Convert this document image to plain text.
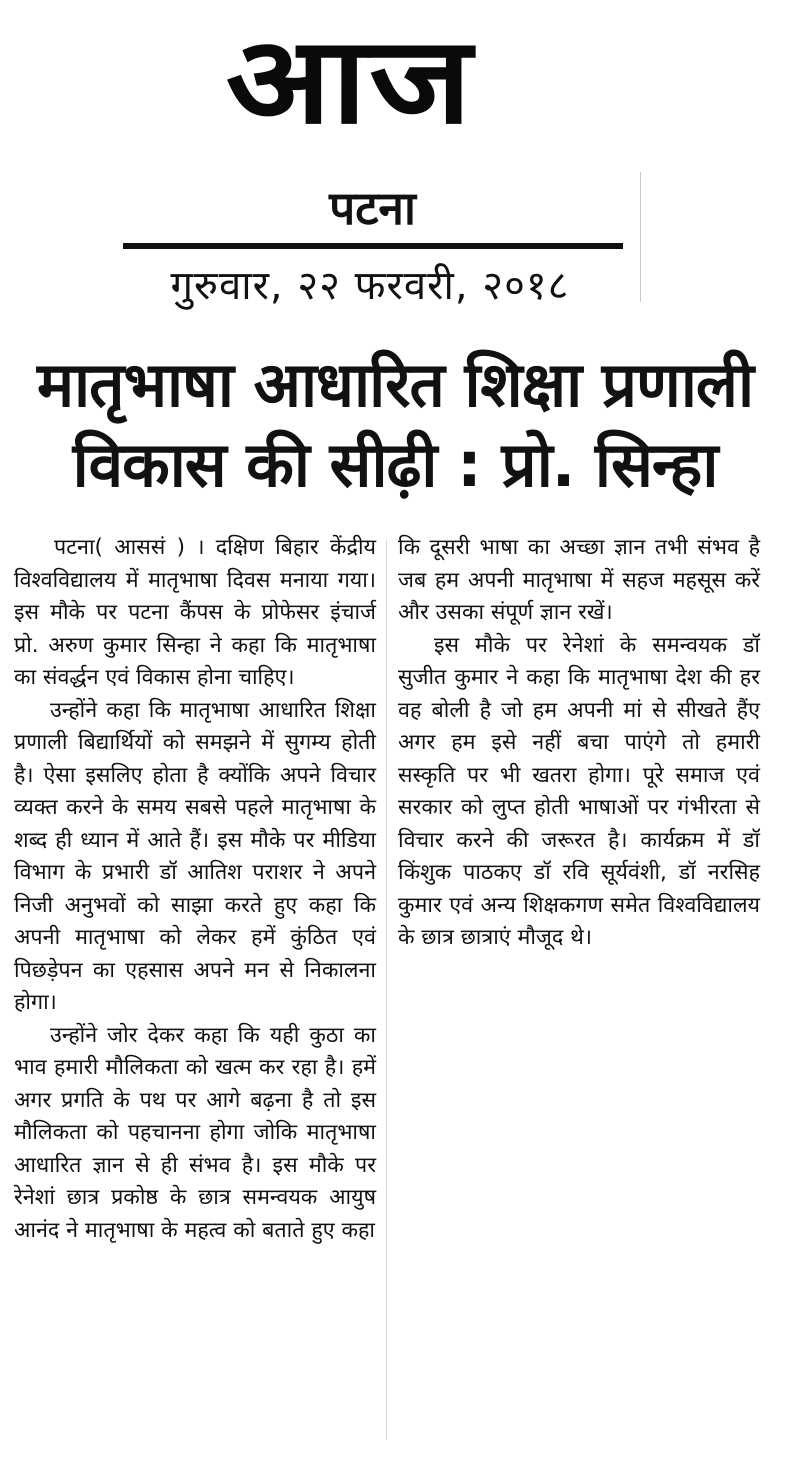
आज
पटना
गुरुवार, २२ फरवरी, २०१८
मातृभाषा आधारित शिक्षा प्रणाली
विकास की सीढ़ी : प्रो. सिन्हा

पटना( आससं ) । दक्षिण बिहार केंद्रीय विश्वविद्यालय में मातृभाषा दिवस मनाया गया। इस मौके पर पटना कैंपस के प्रोफेसर इंचार्ज प्रो. अरुण कुमार सिन्हा ने कहा कि मातृभाषा का संवर्द्धन एवं विकास होना चाहिए।

उन्होंने कहा कि मातृभाषा आधारित शिक्षा प्रणाली बिद्यार्थियों को समझने में सुगम्य होती है। ऐसा इसलिए होता है क्योंकि अपने विचार व्यक्त करने के समय सबसे पहले मातृभाषा के शब्द ही ध्यान में आते हैं। इस मौके पर मीडिया विभाग के प्रभारी डॉ आतिश पराशर ने अपने निजी अनुभवों को साझा करते हुए कहा कि अपनी मातृभाषा को लेकर हमें कुंठित एवं पिछड़ेपन का एहसास अपने मन से निकालना होगा।

उन्होंने जोर देकर कहा कि यही कुठा का भाव हमारी मौलिकता को खत्म कर रहा है। हमें अगर प्रगति के पथ पर आगे बढ़ना है तो इस मौलिकता को पहचानना होगा जोकि मातृभाषा आधारित ज्ञान से ही संभव है। इस मौके पर रेनेशां छात्र प्रकोष्ठ के छात्र समन्वयक आयुष आनंद ने मातृभाषा के महत्व को बताते हुए कहा

कि दूसरी भाषा का अच्छा ज्ञान तभी संभव है जब हम अपनी मातृभाषा में सहज महसूस करें और उसका संपूर्ण ज्ञान रखें।

इस मौके पर रेनेशां के समन्वयक डॉ सुजीत कुमार ने कहा कि मातृभाषा देश की हर वह बोली है जो हम अपनी मां से सीखते हैंए अगर हम इसे नहीं बचा पाएंगे तो हमारी सस्कृति पर भी खतरा होगा। पूरे समाज एवं सरकार को लुप्त होती भाषाओं पर गंभीरता से विचार करने की जरूरत है। कार्यक्रम में डॉ किंशुक पाठकए डॉ रवि सूर्यवंशी, डॉ नरसिह कुमार एवं अन्य शिक्षकगण समेत विश्वविद्यालय के छात्र छात्राएं मौजूद थे।
